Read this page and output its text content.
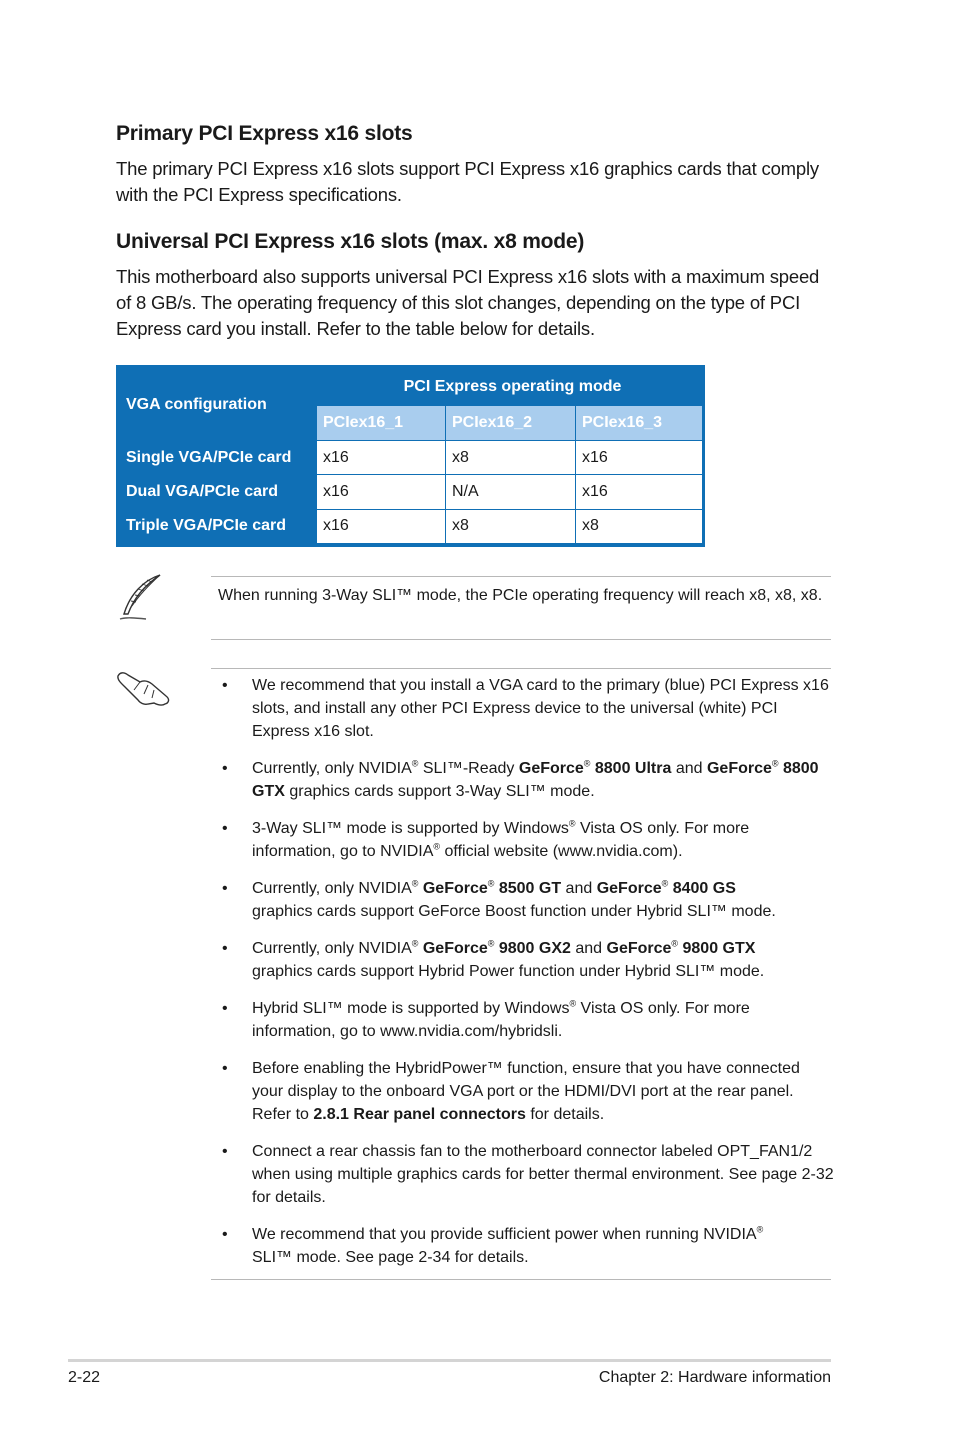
Primary PCI Express x16 slots
The primary PCI Express x16 slots support PCI Express x16 graphics cards that comply with the PCI Express specifications.
Universal PCI Express x16 slots (max. x8 mode)
This motherboard also supports universal PCI Express x16 slots with a maximum speed of 8 GB/s. The operating frequency of this slot changes, depending on the type of PCI Express card you install. Refer to the table below for details.
VGA configuration	PCI Express operating mode		
	PCIex16_1	PCIex16_2	PCIex16_3
Single VGA/PCIe card	x16	x8	x16
Dual VGA/PCIe card	x16	N/A	x16
Triple VGA/PCIe card	x16	x8	x8
When running 3-Way SLI™ mode, the PCIe operating frequency will reach x8, x8, x8.
• We recommend that you install a VGA card to the primary (blue) PCI Express x16 slots, and install any other PCI Express device to the universal (white) PCI Express x16 slot.
• Currently, only NVIDIA® SLI™-Ready GeForce® 8800 Ultra and GeForce® 8800 GTX graphics cards support 3-Way SLI™ mode.
• 3-Way SLI™ mode is supported by Windows® Vista OS only. For more information, go to NVIDIA® official website (www.nvidia.com).
• Currently, only NVIDIA® GeForce® 8500 GT and GeForce® 8400 GS
graphics cards support GeForce Boost function under Hybrid SLI™ mode.
• Currently, only NVIDIA® GeForce® 9800 GX2 and GeForce® 9800 GTX
graphics cards support Hybrid Power function under Hybrid SLI™ mode.
• Hybrid SLI™ mode is supported by Windows® Vista OS only. For more information, go to www.nvidia.com/hybridsli.
• Before enabling the HybridPower™ function, ensure that you have connected your display to the onboard VGA port or the HDMI/DVI port at the rear panel. Refer to 2.8.1 Rear panel connectors for details.
• Connect a rear chassis fan to the motherboard connector labeled OPT_FAN1/2 when using multiple graphics cards for better thermal environment. See page 2-32 for details.
• We recommend that you provide sufficient power when running NVIDIA®
SLI™ mode. See page 2-34 for details.
2-22	Chapter 2: Hardware information
